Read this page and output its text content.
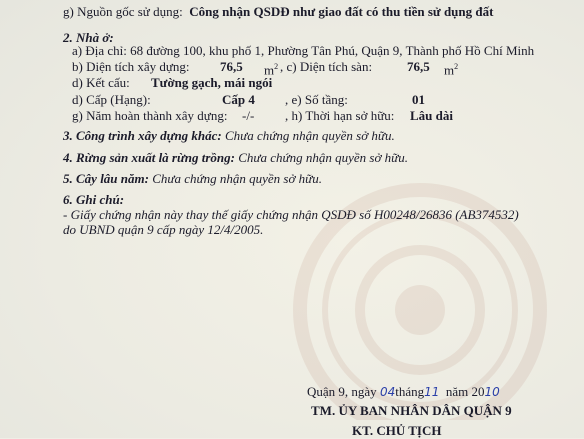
g) Nguồn gốc sử dụng: Công nhận QSDĐ như giao đất có thu tiền sử dụng đất
2. Nhà ở:
a) Địa chỉ: 68 đường 100, khu phố 1, Phường Tân Phú, Quận 9, Thành phố Hồ Chí Minh
b) Diện tích xây dựng: 76,5 $m^2$ , c) Diện tích sàn:	76,5 $m^2$
d) Kết cấu: Tường gạch, mái ngói
d) Cấp (Hạng):	Cấp 4 , e) Số tầng:	01
g) Năm hoàn thành xây dựng: -/- , h) Thời hạn sở hữu: Lâu dài
3. Công trình xây dựng khác: Chưa chứng nhận quyền sở hữu.
4. Rừng sản xuất là rừng trồng: Chưa chứng nhận quyền sở hữu.
5. Cây lâu năm: Chưa chứng nhận quyền sở hữu.
6. Ghi chú:
- Giấy chứng nhận này thay thế giấy chứng nhận QSDĐ số H00248/26836 (AB374532)
do UBND quận 9 cấp ngày 12/4/2005.
Quận 9, ngày 04tháng11 năm 2010
TM. ỦY BAN NHÂN DÂN QUẬN 9
KT. CHỦ TỊCH
